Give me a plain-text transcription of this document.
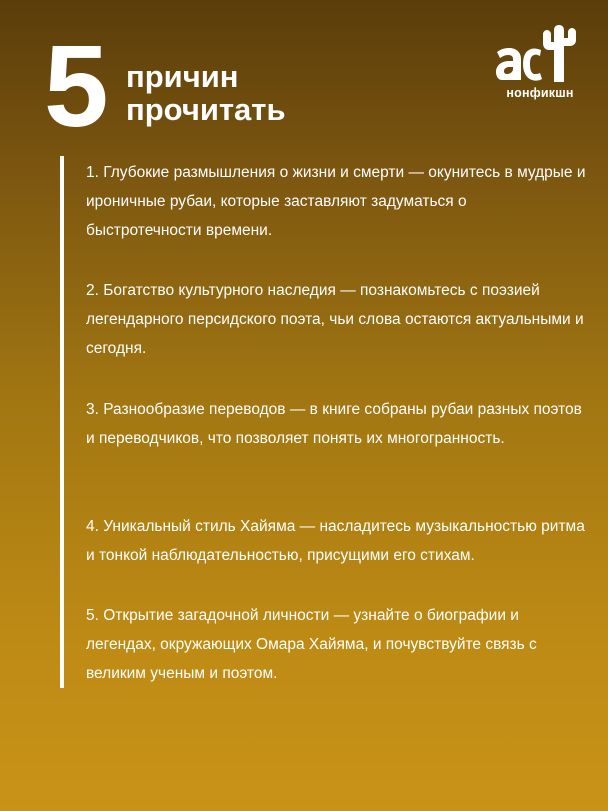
5 причин
прочитать	нонфикшн

1. Глубокие размышления о жизни и смерти — окунитесь в мудрые и ироничные рубаи, которые заставляют задуматься о быстротечности времени.

2. Богатство культурного наследия — познакомьтесь с поэзией легендарного персидского поэта, чьи слова остаются актуальными и сегодня.

3. Разнообразие переводов — в книге собраны рубаи разных поэтов и переводчиков, что позволяет понять их многогранность.

4. Уникальный стиль Хайяма — насладитесь музыкальностью ритма и тонкой наблюдательностью, присущими его стихам.

5. Открытие загадочной личности — узнайте о биографии и легендах, окружающих Омара Хайяма, и почувствуйте связь с великим ученым и поэтом.
